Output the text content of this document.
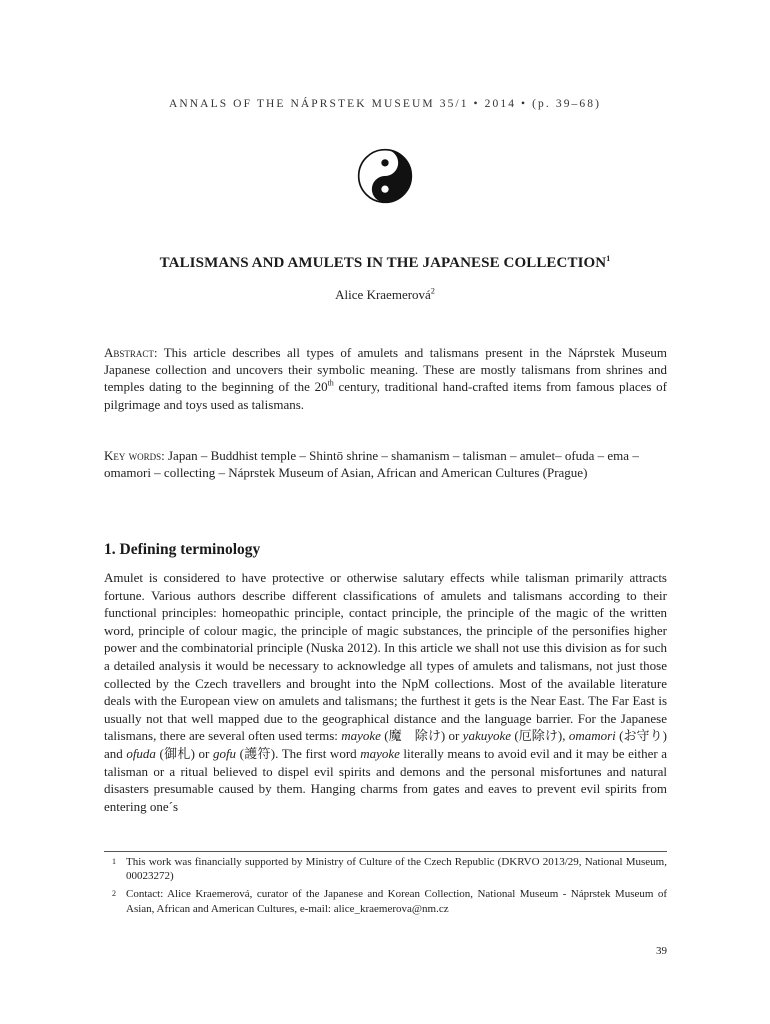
ANNALS OF THE NÁPRSTEK MUSEUM 35/1 • 2014 • (p. 39–68)
TALISMANS AND AMULETS IN THE JAPANESE COLLECTION$^1$
Alice Kraemerová$^2$

Abstract: This article describes all types of amulets and talismans present in the Náprstek Museum Japanese collection and uncovers their symbolic meaning. These are mostly talismans from shrines and temples dating to the beginning of the 20th century, traditional hand-crafted items from famous places of pilgrimage and toys used as talismans.

Key words: Japan – Buddhist temple – Shintō shrine – shamanism – talisman – amulet– ofuda – ema – omamori – collecting – Náprstek Museum of Asian, African and American Cultures (Prague)

1. Defining terminology

Amulet is considered to have protective or otherwise salutary effects while talisman primarily attracts fortune. Various authors describe different classifications of amulets and talismans according to their functional principles: homeopathic principle, contact principle, the principle of the magic of the written word, principle of colour magic, the principle of magic substances, the principle of the personifies higher power and the combinatorial principle (Nuska 2012). In this article we shall not use this division as for such a detailed analysis it would be necessary to acknowledge all types of amulets and talismans, not just those collected by the Czech travellers and brought into the NpM collections. Most of the available literature deals with the European view on amulets and talismans; the furthest it gets is the Near East. The Far East is usually not that well mapped due to the geographical distance and the language barrier. For the Japanese talismans, there are several often used terms: mayoke (魔　除け) or yakuyoke (厄除け), omamori (お守り) and ofuda (御札) or gofu (護符). The first word mayoke literally means to avoid evil and it may be either a talisman or a ritual believed to dispel evil spirits and demons and the personal misfortunes and natural disasters presumable caused by them. Hanging charms from gates and eaves to prevent evil spirits from entering one´s

1 This work was financially supported by Ministry of Culture of the Czech Republic (DKRVO 2013/29, National Museum, 00023272)
2 Contact: Alice Kraemerová, curator of the Japanese and Korean Collection, National Museum - Náprstek Museum of Asian, African and American Cultures, e-mail: alice_kraemerova@nm.cz
39
